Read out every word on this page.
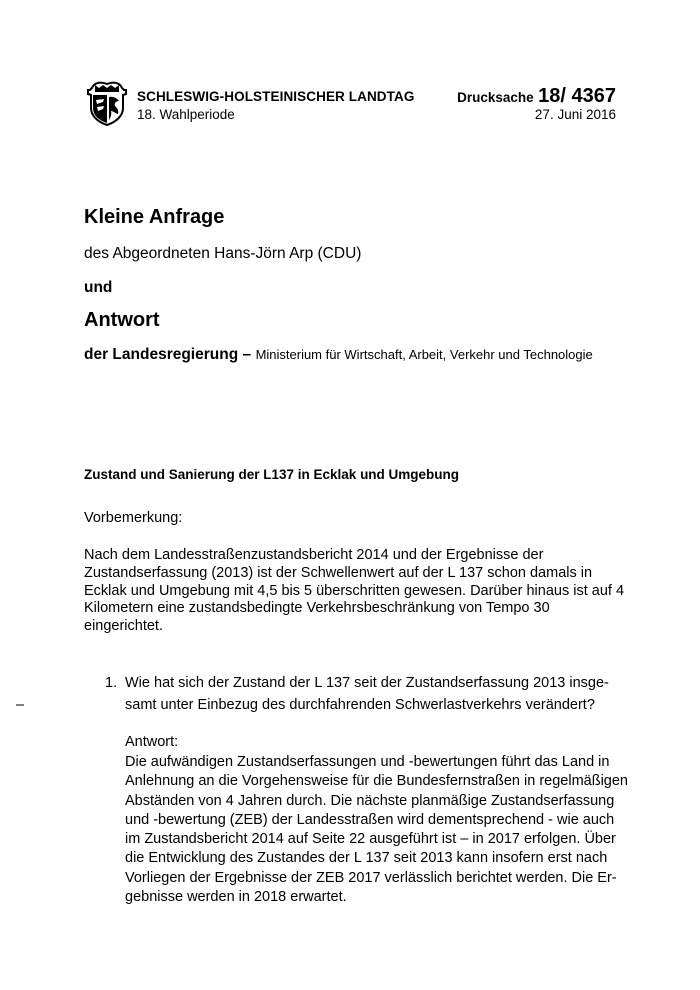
SCHLESWIG-HOLSTEINISCHER LANDTAG
18. Wahlperiode
Drucksache 18/ 4367
27. Juni 2016
Kleine Anfrage
des Abgeordneten Hans-Jörn Arp (CDU)
und
Antwort
der Landesregierung – Ministerium für Wirtschaft, Arbeit, Verkehr und Technologie
Zustand und Sanierung der L137 in Ecklak und Umgebung
Vorbemerkung:
Nach dem Landesstraßenzustandsbericht 2014 und der Ergebnisse der
Zustandserfassung (2013) ist der Schwellenwert auf der L 137 schon damals in
Ecklak und Umgebung mit 4,5 bis 5 überschritten gewesen. Darüber hinaus ist auf 4
Kilometern eine zustandsbedingte Verkehrsbeschränkung von Tempo 30
eingerichtet.
–
1. Wie hat sich der Zustand der L 137 seit der Zustandserfassung 2013 insge-
samt unter Einbezug des durchfahrenden Schwerlastverkehrs verändert?
Antwort:
Die aufwändigen Zustandserfassungen und -bewertungen führt das Land in
Anlehnung an die Vorgehensweise für die Bundesfernstraßen in regelmäßigen
Abständen von 4 Jahren durch. Die nächste planmäßige Zustandserfassung
und -bewertung (ZEB) der Landesstraßen wird dementsprechend - wie auch
im Zustandsbericht 2014 auf Seite 22 ausgeführt ist – in 2017 erfolgen. Über
die Entwicklung des Zustandes der L 137 seit 2013 kann insofern erst nach
Vorliegen der Ergebnisse der ZEB 2017 verlässlich berichtet werden. Die Er-
gebnisse werden in 2018 erwartet.
